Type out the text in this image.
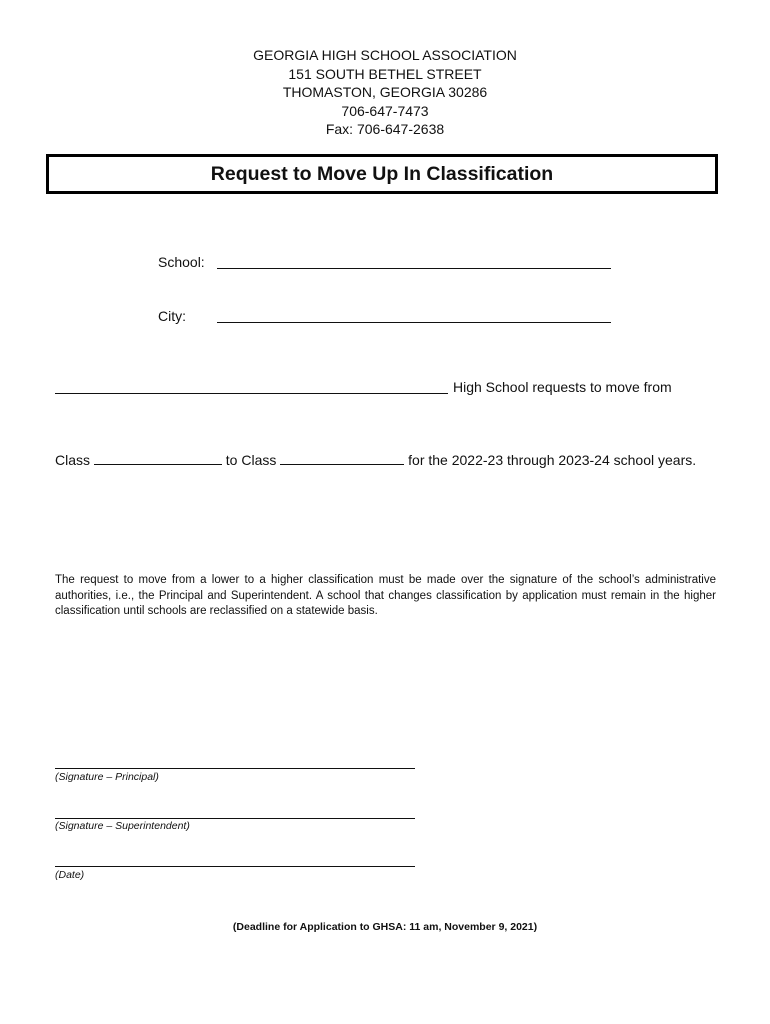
GEORGIA HIGH SCHOOL ASSOCIATION
151 SOUTH BETHEL STREET
THOMASTON, GEORGIA 30286
706-647-7473
Fax: 706-647-2638
Request to Move Up In Classification
School:
City:
High School requests to move from
Class	to Class	for the 2022-23 through 2023-24 school years.
The request to move from a lower to a higher classification must be made over the signature of the school’s administrative authorities, i.e., the Principal and Superintendent. A school that changes classification by application must remain in the higher classification until schools are reclassified on a statewide basis.
(Signature – Principal)
(Signature – Superintendent)
(Date)
(Deadline for Application to GHSA: 11 am, November 9, 2021)
